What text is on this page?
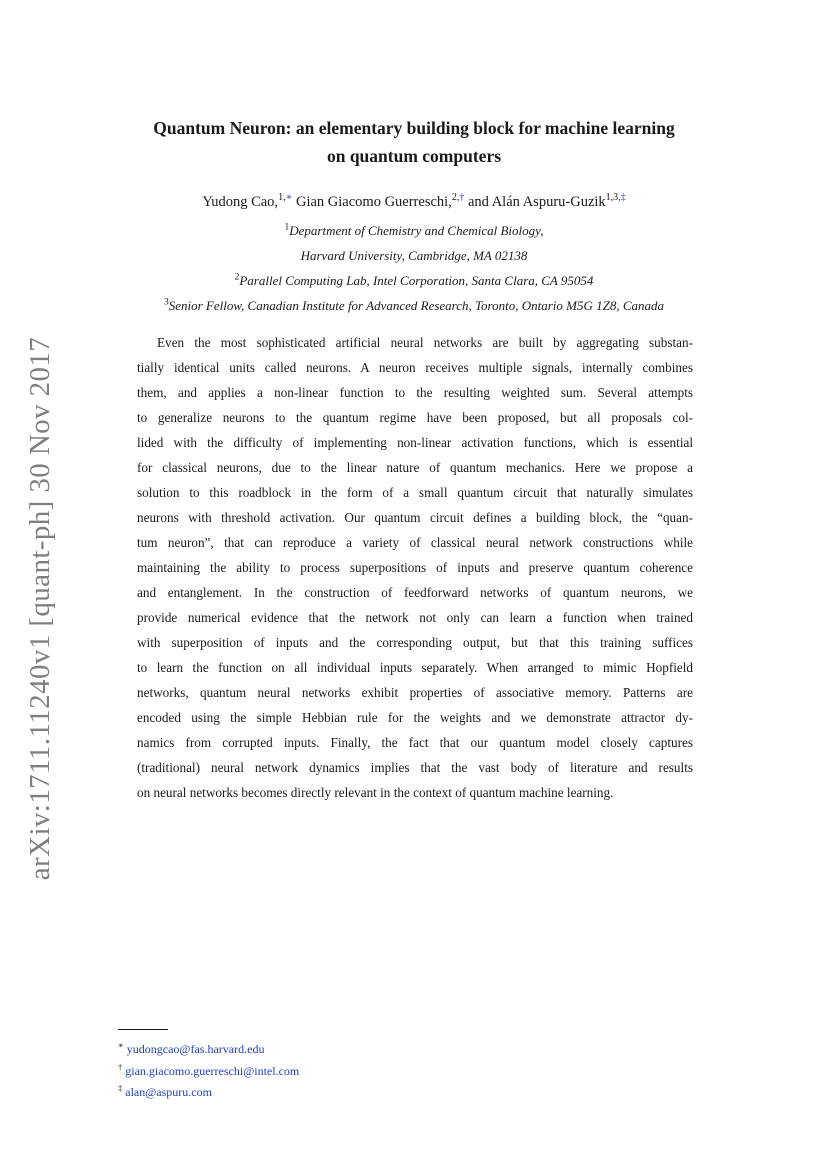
arXiv:1711.11240v1 [quant-ph] 30 Nov 2017
Quantum Neuron: an elementary building block for machine learning
on quantum computers
Yudong Cao,$^{1,∗}$ Gian Giacomo Guerreschi,$^{2,\dagger}$ and Alán Aspuru-Guzik$^{1,3,\ddagger}$
$^1$Department of Chemistry and Chemical Biology,
Harvard University, Cambridge, MA 02138
$^2$Parallel Computing Lab, Intel Corporation, Santa Clara, CA 95054
$^3$Senior Fellow, Canadian Institute for Advanced Research, Toronto, Ontario M5G 1Z8, Canada
Even the most sophisticated artificial neural networks are built by aggregating substan-
tially identical units called neurons. A neuron receives multiple signals, internally combines
them, and applies a non-linear function to the resulting weighted sum. Several attempts
to generalize neurons to the quantum regime have been proposed, but all proposals col-
lided with the difficulty of implementing non-linear activation functions, which is essential
for classical neurons, due to the linear nature of quantum mechanics. Here we propose a
solution to this roadblock in the form of a small quantum circuit that naturally simulates
neurons with threshold activation. Our quantum circuit defines a building block, the “quan-
tum neuron”, that can reproduce a variety of classical neural network constructions while
maintaining the ability to process superpositions of inputs and preserve quantum coherence
and entanglement. In the construction of feedforward networks of quantum neurons, we
provide numerical evidence that the network not only can learn a function when trained
with superposition of inputs and the corresponding output, but that this training suffices
to learn the function on all individual inputs separately. When arranged to mimic Hopfield
networks, quantum neural networks exhibit properties of associative memory. Patterns are
encoded using the simple Hebbian rule for the weights and we demonstrate attractor dy-
namics from corrupted inputs. Finally, the fact that our quantum model closely captures
(traditional) neural network dynamics implies that the vast body of literature and results
on neural networks becomes directly relevant in the context of quantum machine learning.
∗ yudongcao@fas.harvard.edu
† gian.giacomo.guerreschi@intel.com
‡ alan@aspuru.com
